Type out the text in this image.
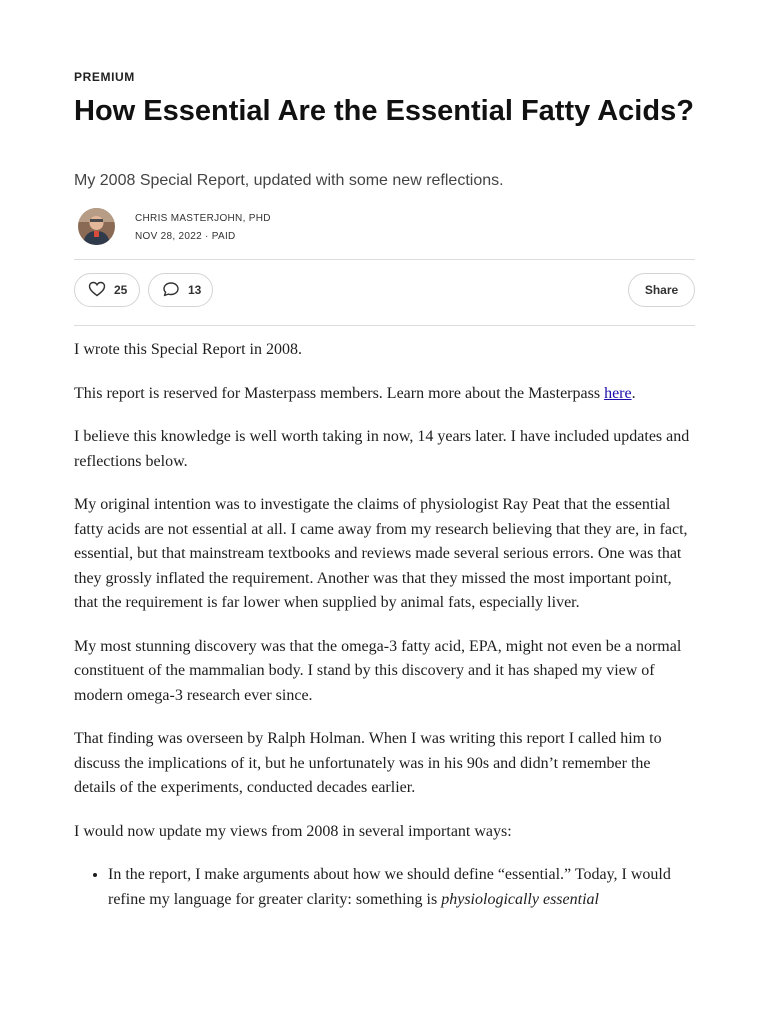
PREMIUM
How Essential Are the Essential Fatty Acids?
My 2008 Special Report, updated with some new reflections.
CHRIS MASTERJOHN, PHD
NOV 28, 2022 · PAID
25	13	Share

I wrote this Special Report in 2008.

This report is reserved for Masterpass members. Learn more about the Masterpass here.

I believe this knowledge is well worth taking in now, 14 years later. I have included updates and reflections below.

My original intention was to investigate the claims of physiologist Ray Peat that the essential fatty acids are not essential at all. I came away from my research believing that they are, in fact, essential, but that mainstream textbooks and reviews made several serious errors. One was that they grossly inflated the requirement. Another was that they missed the most important point, that the requirement is far lower when supplied by animal fats, especially liver.

My most stunning discovery was that the omega-3 fatty acid, EPA, might not even be a normal constituent of the mammalian body. I stand by this discovery and it has shaped my view of modern omega-3 research ever since.

That finding was overseen by Ralph Holman. When I was writing this report I called him to discuss the implications of it, but he unfortunately was in his 90s and didn’t remember the details of the experiments, conducted decades earlier.

I would now update my views from 2008 in several important ways:

• In the report, I make arguments about how we should define “essential.” Today, I would refine my language for greater clarity: something is physiologically essential
